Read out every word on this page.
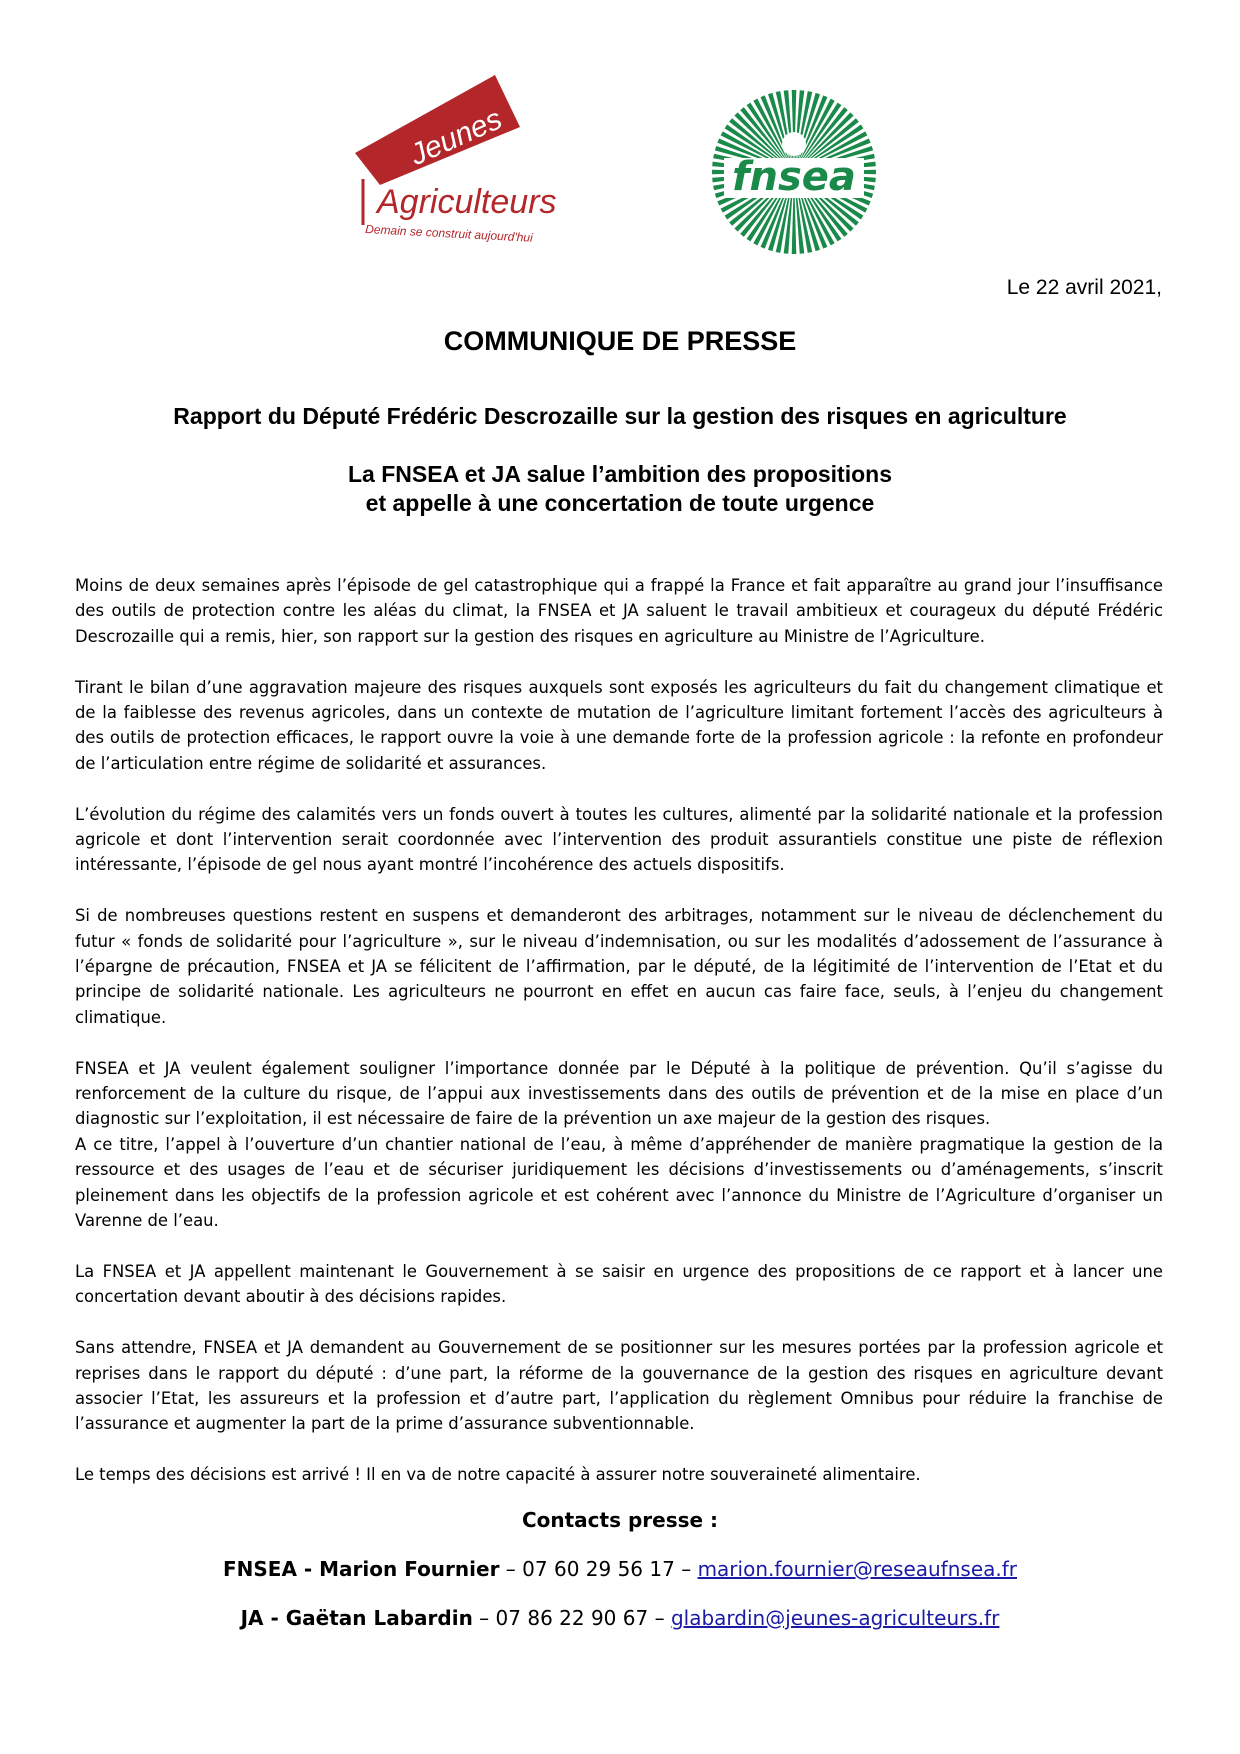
Jeunes
Agriculteurs
Demain se construit aujourd'hui
fnsea
Le 22 avril 2021,
COMMUNIQUE DE PRESSE
Rapport du Député Frédéric Descrozaille sur la gestion des risques en agriculture
La FNSEA et JA salue l’ambition des propositions
et appelle à une concertation de toute urgence

Moins de deux semaines après l’épisode de gel catastrophique qui a frappé la France et fait apparaître au grand jour l’insuffisance des outils de protection contre les aléas du climat, la FNSEA et JA saluent le travail ambitieux et courageux du député Frédéric Descrozaille qui a remis, hier, son rapport sur la gestion des risques en agriculture au Ministre de l’Agriculture.

Tirant le bilan d’une aggravation majeure des risques auxquels sont exposés les agriculteurs du fait du changement climatique et de la faiblesse des revenus agricoles, dans un contexte de mutation de l’agriculture limitant fortement l’accès des agriculteurs à des outils de protection efficaces, le rapport ouvre la voie à une demande forte de la profession agricole : la refonte en profondeur de l’articulation entre régime de solidarité et assurances.

L’évolution du régime des calamités vers un fonds ouvert à toutes les cultures, alimenté par la solidarité nationale et la profession agricole et dont l’intervention serait coordonnée avec l’intervention des produit assurantiels constitue une piste de réflexion intéressante, l’épisode de gel nous ayant montré l’incohérence des actuels dispositifs.

Si de nombreuses questions restent en suspens et demanderont des arbitrages, notamment sur le niveau de déclenchement du futur « fonds de solidarité pour l’agriculture », sur le niveau d’indemnisation, ou sur les modalités d’adossement de l’assurance à l’épargne de précaution, FNSEA et JA se félicitent de l’affirmation, par le député, de la légitimité de l’intervention de l’Etat et du principe de solidarité nationale. Les agriculteurs ne pourront en effet en aucun cas faire face, seuls, à l’enjeu du changement climatique.

FNSEA et JA veulent également souligner l’importance donnée par le Député à la politique de prévention. Qu’il s’agisse du renforcement de la culture du risque, de l’appui aux investissements dans des outils de prévention et de la mise en place d’un diagnostic sur l’exploitation, il est nécessaire de faire de la prévention un axe majeur de la gestion des risques.

A ce titre, l’appel à l’ouverture d’un chantier national de l’eau, à même d’appréhender de manière pragmatique la gestion de la ressource et des usages de l’eau et de sécuriser juridiquement les décisions d’investissements ou d’aménagements, s’inscrit pleinement dans les objectifs de la profession agricole et est cohérent avec l’annonce du Ministre de l’Agriculture d’organiser un Varenne de l’eau.

La FNSEA et JA appellent maintenant le Gouvernement à se saisir en urgence des propositions de ce rapport et à lancer une concertation devant aboutir à des décisions rapides.

Sans attendre, FNSEA et JA demandent au Gouvernement de se positionner sur les mesures portées par la profession agricole et reprises dans le rapport du député : d’une part, la réforme de la gouvernance de la gestion des risques en agriculture devant associer l’Etat, les assureurs et la profession et d’autre part, l’application du règlement Omnibus pour réduire la franchise de l’assurance et augmenter la part de la prime d’assurance subventionnable.

Le temps des décisions est arrivé ! Il en va de notre capacité à assurer notre souveraineté alimentaire.

Contacts presse :
FNSEA - Marion Fournier – 07 60 29 56 17 – marion.fournier@reseaufnsea.fr
JA - Gaëtan Labardin – 07 86 22 90 67 – glabardin@jeunes-agriculteurs.fr
